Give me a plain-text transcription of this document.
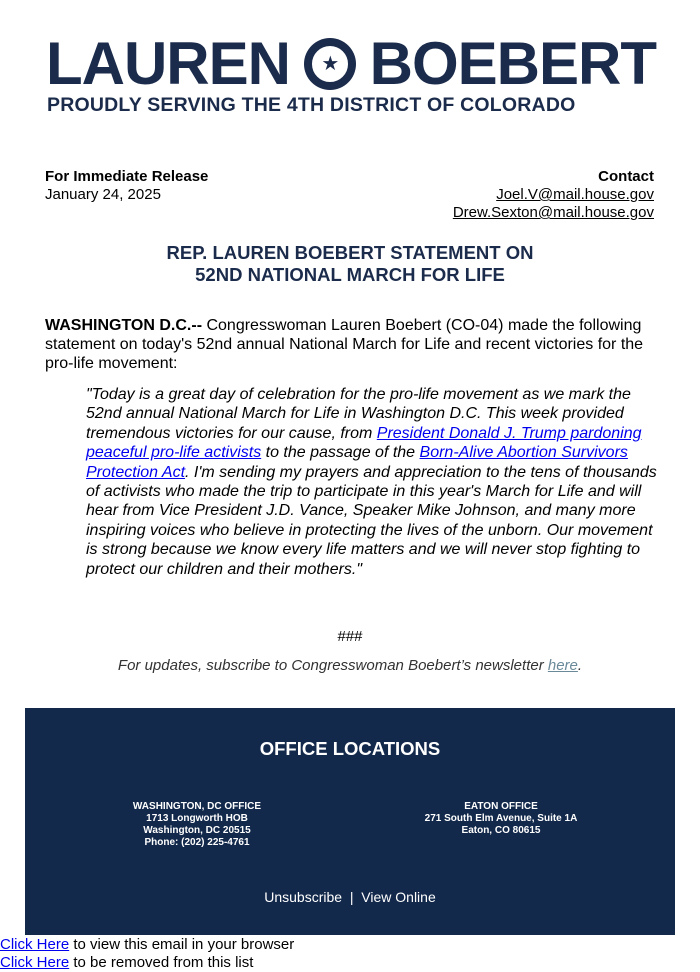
LAUREN	★ BOEBERT
PROUDLY SERVING THE 4TH DISTRICT OF COLORADO
For Immediate Release
January 24, 2025
Contact
Joel.V@mail.house.gov
Drew.Sexton@mail.house.gov
REP. LAUREN BOEBERT STATEMENT ON
52ND NATIONAL MARCH FOR LIFE
WASHINGTON D.C.-- Congresswoman Lauren Boebert (CO-04) made the following statement on today's 52nd annual National March for Life and recent victories for the pro-life movement:
"Today is a great day of celebration for the pro-life movement as we mark the 52nd annual National March for Life in Washington D.C. This week provided tremendous victories for our cause, from President Donald J. Trump pardoning peaceful pro-life activists to the passage of the Born-Alive Abortion Survivors Protection Act. I'm sending my prayers and appreciation to the tens of thousands of activists who made the trip to participate in this year's March for Life and will hear from Vice President J.D. Vance, Speaker Mike Johnson, and many more inspiring voices who believe in protecting the lives of the unborn. Our movement is strong because we know every life matters and we will never stop fighting to protect our children and their mothers."
###
For updates, subscribe to Congresswoman Boebert’s newsletter here.
OFFICE LOCATIONS
WASHINGTON, DC OFFICE
1713 Longworth HOB
Washington, DC 20515
Phone: (202) 225-4761
EATON OFFICE
271 South Elm Avenue, Suite 1A
Eaton, CO 80615
Unsubscribe | View Online
Click Here to view this email in your browser
Click Here to be removed from this list
